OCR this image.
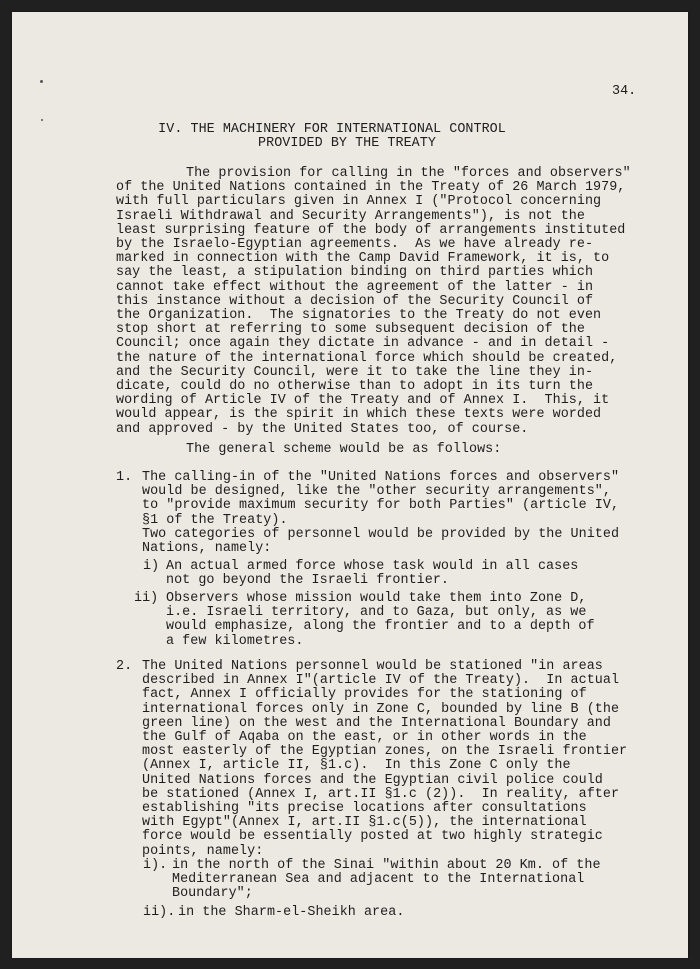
34.
IV. THE MACHINERY FOR INTERNATIONAL CONTROL
PROVIDED BY THE TREATY
The provision for calling in the "forces and observers"
of the United Nations contained in the Treaty of 26 March 1979,
with full particulars given in Annex I ("Protocol concerning
Israeli Withdrawal and Security Arrangements"), is not the
least surprising feature of the body of arrangements instituted
by the Israelo-Egyptian agreements.  As we have already re-
marked in connection with the Camp David Framework, it is, to
say the least, a stipulation binding on third parties which
cannot take effect without the agreement of the latter - in
this instance without a decision of the Security Council of
the Organization.  The signatories to the Treaty do not even
stop short at referring to some subsequent decision of the
Council; once again they dictate in advance - and in detail -
the nature of the international force which should be created,
and the Security Council, were it to take the line they in-
dicate, could do no otherwise than to adopt in its turn the
wording of Article IV of the Treaty and of Annex I.  This, it
would appear, is the spirit in which these texts were worded
and approved - by the United States too, of course.
The general scheme would be as follows:
1. The calling-in of the "United Nations forces and observers"
would be designed, like the "other security arrangements",
to "provide maximum security for both Parties" (article IV,
§1 of the Treaty).
Two categories of personnel would be provided by the United
Nations, namely:
i) An actual armed force whose task would in all cases
not go beyond the Israeli frontier.
ii) Observers whose mission would take them into Zone D,
i.e. Israeli territory, and to Gaza, but only, as we
would emphasize, along the frontier and to a depth of
a few kilometres.
2. The United Nations personnel would be stationed "in areas
described in Annex I"(article IV of the Treaty).  In actual
fact, Annex I officially provides for the stationing of
international forces only in Zone C, bounded by line B (the
green line) on the west and the International Boundary and
the Gulf of Aqaba on the east, or in other words in the
most easterly of the Egyptian zones, on the Israeli frontier
(Annex I, article II, §1.c).  In this Zone C only the
United Nations forces and the Egyptian civil police could
be stationed (Annex I, art.II §1.c (2)).  In reality, after
establishing "its precise locations after consultations
with Egypt"(Annex I, art.II §1.c(5)), the international
force would be essentially posted at two highly strategic
points, namely:
i). in the north of the Sinai "within about 20 Km. of the
Mediterranean Sea and adjacent to the International
Boundary";
ii). in the Sharm-el-Sheikh area.
